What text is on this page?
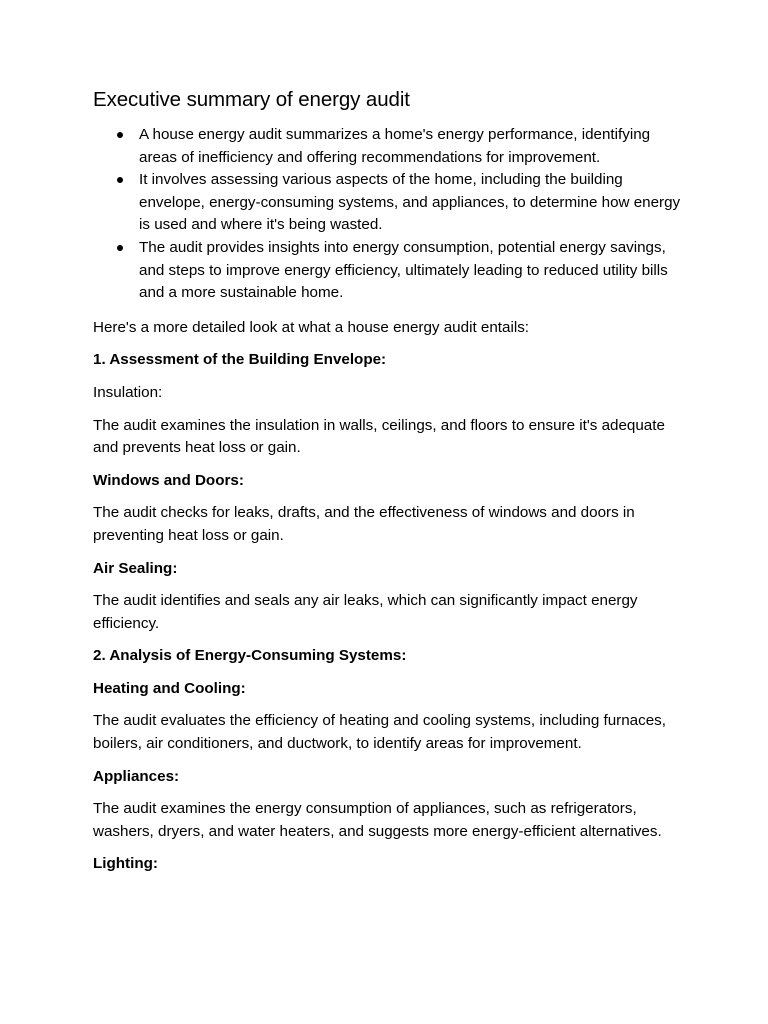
Executive summary of energy audit
A house energy audit summarizes a home's energy performance, identifying areas of inefficiency and offering recommendations for improvement.
It involves assessing various aspects of the home, including the building envelope, energy-consuming systems, and appliances, to determine how energy is used and where it's being wasted.
The audit provides insights into energy consumption, potential energy savings, and steps to improve energy efficiency, ultimately leading to reduced utility bills and a more sustainable home.

Here's a more detailed look at what a house energy audit entails:

1. Assessment of the Building Envelope:

Insulation:

The audit examines the insulation in walls, ceilings, and floors to ensure it's adequate and prevents heat loss or gain.

Windows and Doors:

The audit checks for leaks, drafts, and the effectiveness of windows and doors in preventing heat loss or gain.

Air Sealing:

The audit identifies and seals any air leaks, which can significantly impact energy efficiency.

2. Analysis of Energy-Consuming Systems:

Heating and Cooling:

The audit evaluates the efficiency of heating and cooling systems, including furnaces, boilers, air conditioners, and ductwork, to identify areas for improvement.

Appliances:

The audit examines the energy consumption of appliances, such as refrigerators, washers, dryers, and water heaters, and suggests more energy-efficient alternatives.

Lighting:
